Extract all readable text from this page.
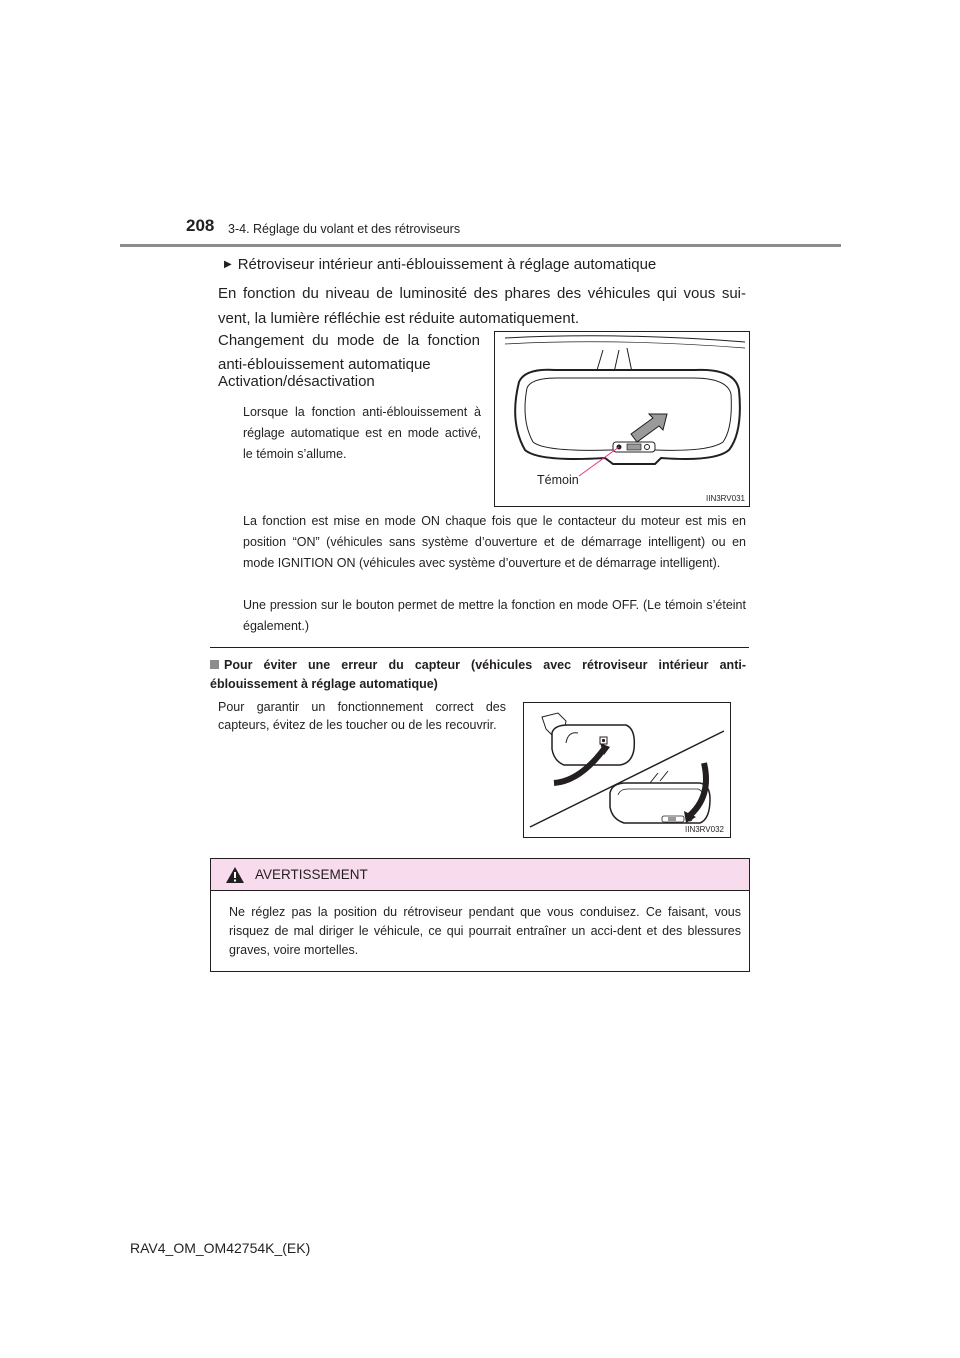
208 3-4. Réglage du volant et des rétroviseurs
▶ Rétroviseur intérieur anti-éblouissement à réglage automatique
En fonction du niveau de luminosité des phares des véhicules qui vous sui-vent, la lumière réfléchie est réduite automatiquement.
Changement du mode de la fonction anti-éblouissement automatique
Activation/désactivation
Lorsque la fonction anti-éblouissement à réglage automatique est en mode activé, le témoin s’allume.
Témoin
IIN3RV031
La fonction est mise en mode ON chaque fois que le contacteur du moteur est mis en position “ON” (véhicules sans système d’ouverture et de démarrage intelligent) ou en mode IGNITION ON (véhicules avec système d’ouverture et de démarrage intelligent).
Une pression sur le bouton permet de mettre la fonction en mode OFF. (Le témoin s’éteint également.)
Pour éviter une erreur du capteur (véhicules avec rétroviseur intérieur anti-éblouissement à réglage automatique)
Pour garantir un fonctionnement correct des capteurs, évitez de les toucher ou de les recouvrir.
IIN3RV032
AVERTISSEMENT
Ne réglez pas la position du rétroviseur pendant que vous conduisez. Ce faisant, vous risquez de mal diriger le véhicule, ce qui pourrait entraîner un acci-dent et des blessures graves, voire mortelles.
RAV4_OM_OM42754K_(EK)
